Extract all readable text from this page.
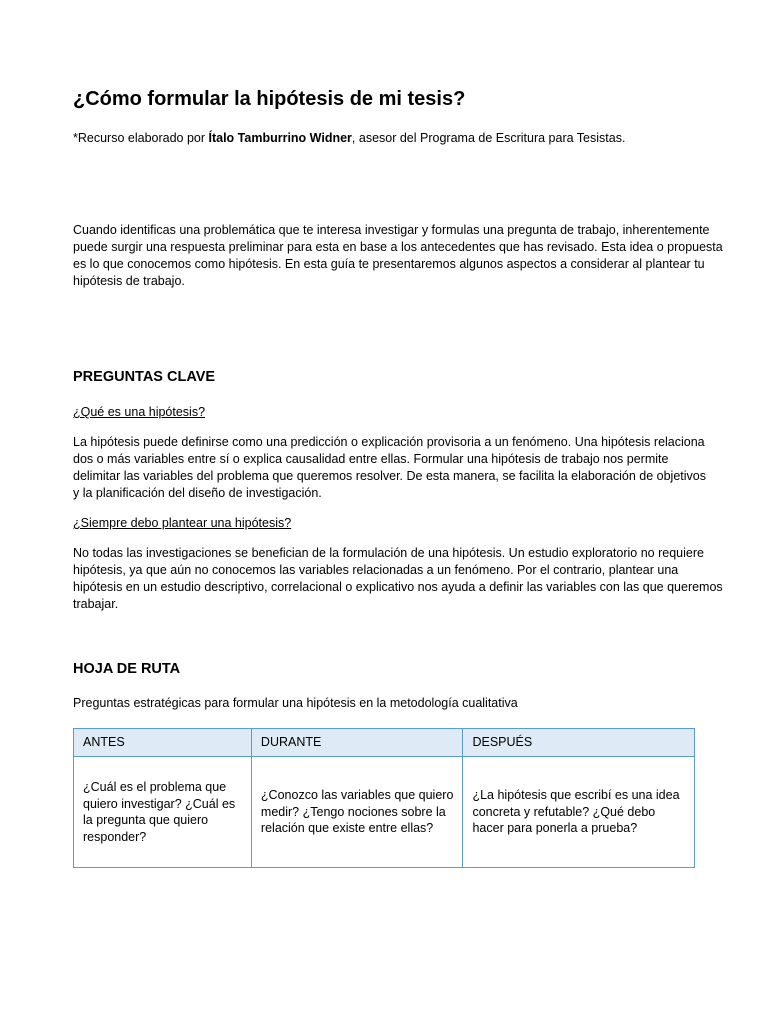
¿Cómo formular la hipótesis de mi tesis?
*Recurso elaborado por Ítalo Tamburrino Widner, asesor del Programa de Escritura para Tesistas.

Cuando identificas una problemática que te interesa investigar y formulas una pregunta de trabajo, inherentemente puede surgir una respuesta preliminar para esta en base a los antecedentes que has revisado. Esta idea o propuesta es lo que conocemos como hipótesis. En esta guía te presentaremos algunos aspectos a considerar al plantear tu hipótesis de trabajo.

PREGUNTAS CLAVE
¿Qué es una hipótesis?

La hipótesis puede definirse como una predicción o explicación provisoria a un fenómeno. Una hipótesis relaciona dos o más variables entre sí o explica causalidad entre ellas. Formular una hipótesis de trabajo nos permite delimitar las variables del problema que queremos resolver. De esta manera, se facilita la elaboración de objetivos y la planificación del diseño de investigación.

¿Siempre debo plantear una hipótesis?

No todas las investigaciones se benefician de la formulación de una hipótesis. Un estudio exploratorio no requiere hipótesis, ya que aún no conocemos las variables relacionadas a un fenómeno. Por el contrario, plantear una hipótesis en un estudio descriptivo, correlacional o explicativo nos ayuda a definir las variables con las que queremos trabajar.

HOJA DE RUTA
Preguntas estratégicas para formular una hipótesis en la metodología cualitativa
ANTES	DURANTE	DESPUÉS
¿Cuál es el problema que quiero investigar? ¿Cuál es la pregunta que quiero responder?	¿Conozco las variables que quiero medir? ¿Tengo nociones sobre la relación que existe entre ellas?	¿La hipótesis que escribí es una idea concreta y refutable? ¿Qué debo hacer para ponerla a prueba?
